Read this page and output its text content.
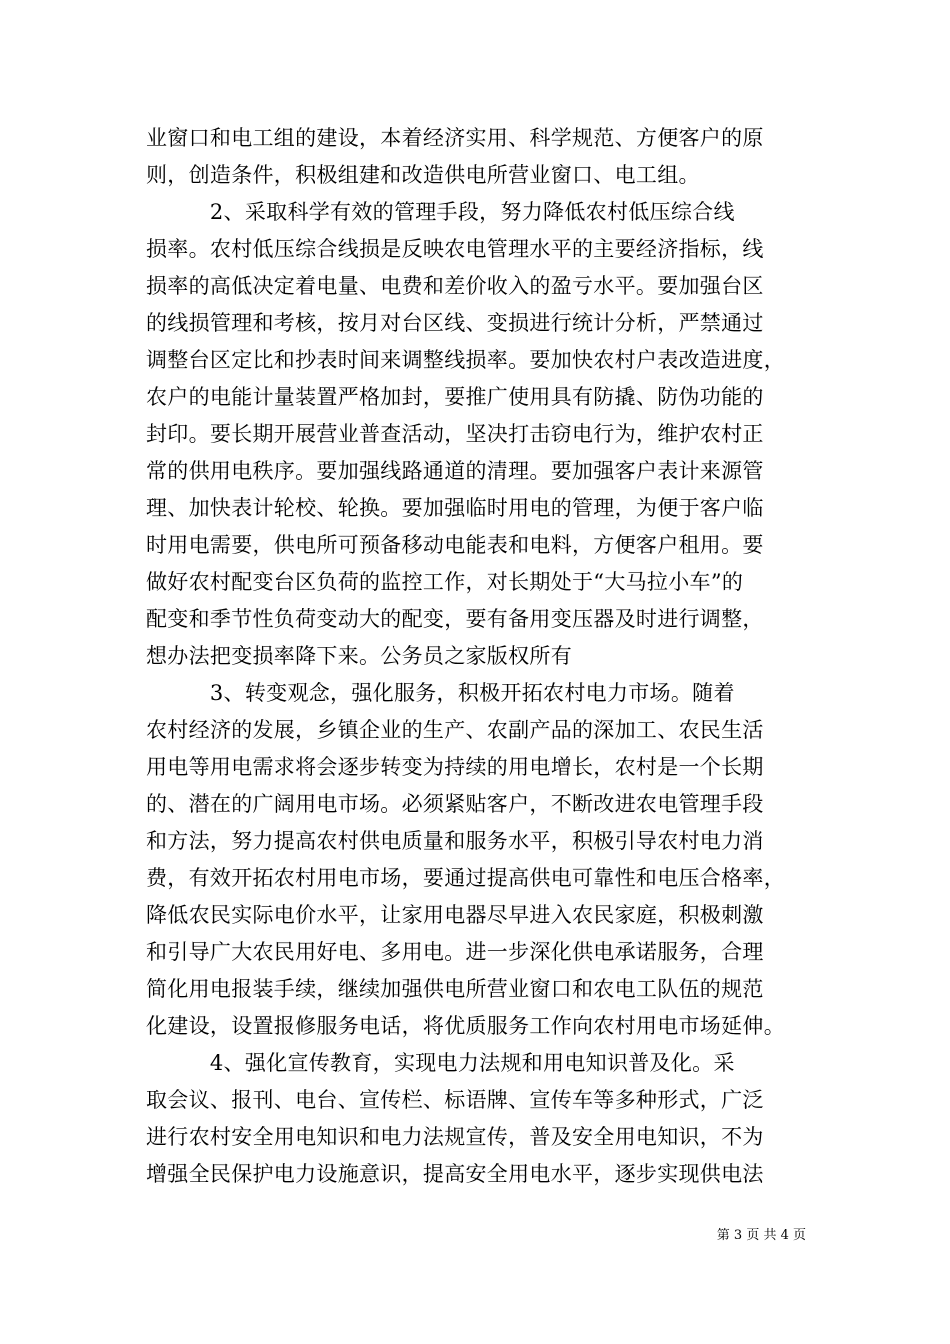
业窗口和电工组的建设，本着经济实用、科学规范、方便客户的原
则，创造条件，积极组建和改造供电所营业窗口、电工组。
　　　2、采取科学有效的管理手段，努力降低农村低压综合线
损率。农村低压综合线损是反映农电管理水平的主要经济指标，线
损率的高低决定着电量、电费和差价收入的盈亏水平。要加强台区
的线损管理和考核，按月对台区线、变损进行统计分析，严禁通过
调整台区定比和抄表时间来调整线损率。要加快农村户表改造进度，
农户的电能计量装置严格加封，要推广使用具有防撬、防伪功能的
封印。要长期开展营业普查活动，坚决打击窃电行为，维护农村正
常的供用电秩序。要加强线路通道的清理。要加强客户表计来源管
理、加快表计轮校、轮换。要加强临时用电的管理，为便于客户临
时用电需要，供电所可预备移动电能表和电料，方便客户租用。要
做好农村配变台区负荷的监控工作，对长期处于“大马拉小车”的
配变和季节性负荷变动大的配变，要有备用变压器及时进行调整，
想办法把变损率降下来。公务员之家版权所有
　　　3、转变观念，强化服务，积极开拓农村电力市场。随着
农村经济的发展，乡镇企业的生产、农副产品的深加工、农民生活
用电等用电需求将会逐步转变为持续的用电增长，农村是一个长期
的、潜在的广阔用电市场。必须紧贴客户，不断改进农电管理手段
和方法，努力提高农村供电质量和服务水平，积极引导农村电力消
费，有效开拓农村用电市场，要通过提高供电可靠性和电压合格率，
降低农民实际电价水平，让家用电器尽早进入农民家庭，积极刺激
和引导广大农民用好电、多用电。进一步深化供电承诺服务，合理
简化用电报装手续，继续加强供电所营业窗口和农电工队伍的规范
化建设，设置报修服务电话，将优质服务工作向农村用电市场延伸。
　　　4、强化宣传教育，实现电力法规和用电知识普及化。采
取会议、报刊、电台、宣传栏、标语牌、宣传车等多种形式，广泛
进行农村安全用电知识和电力法规宣传，普及安全用电知识，不为
增强全民保护电力设施意识，提高安全用电水平，逐步实现供电法
第 3 页 共 4 页
